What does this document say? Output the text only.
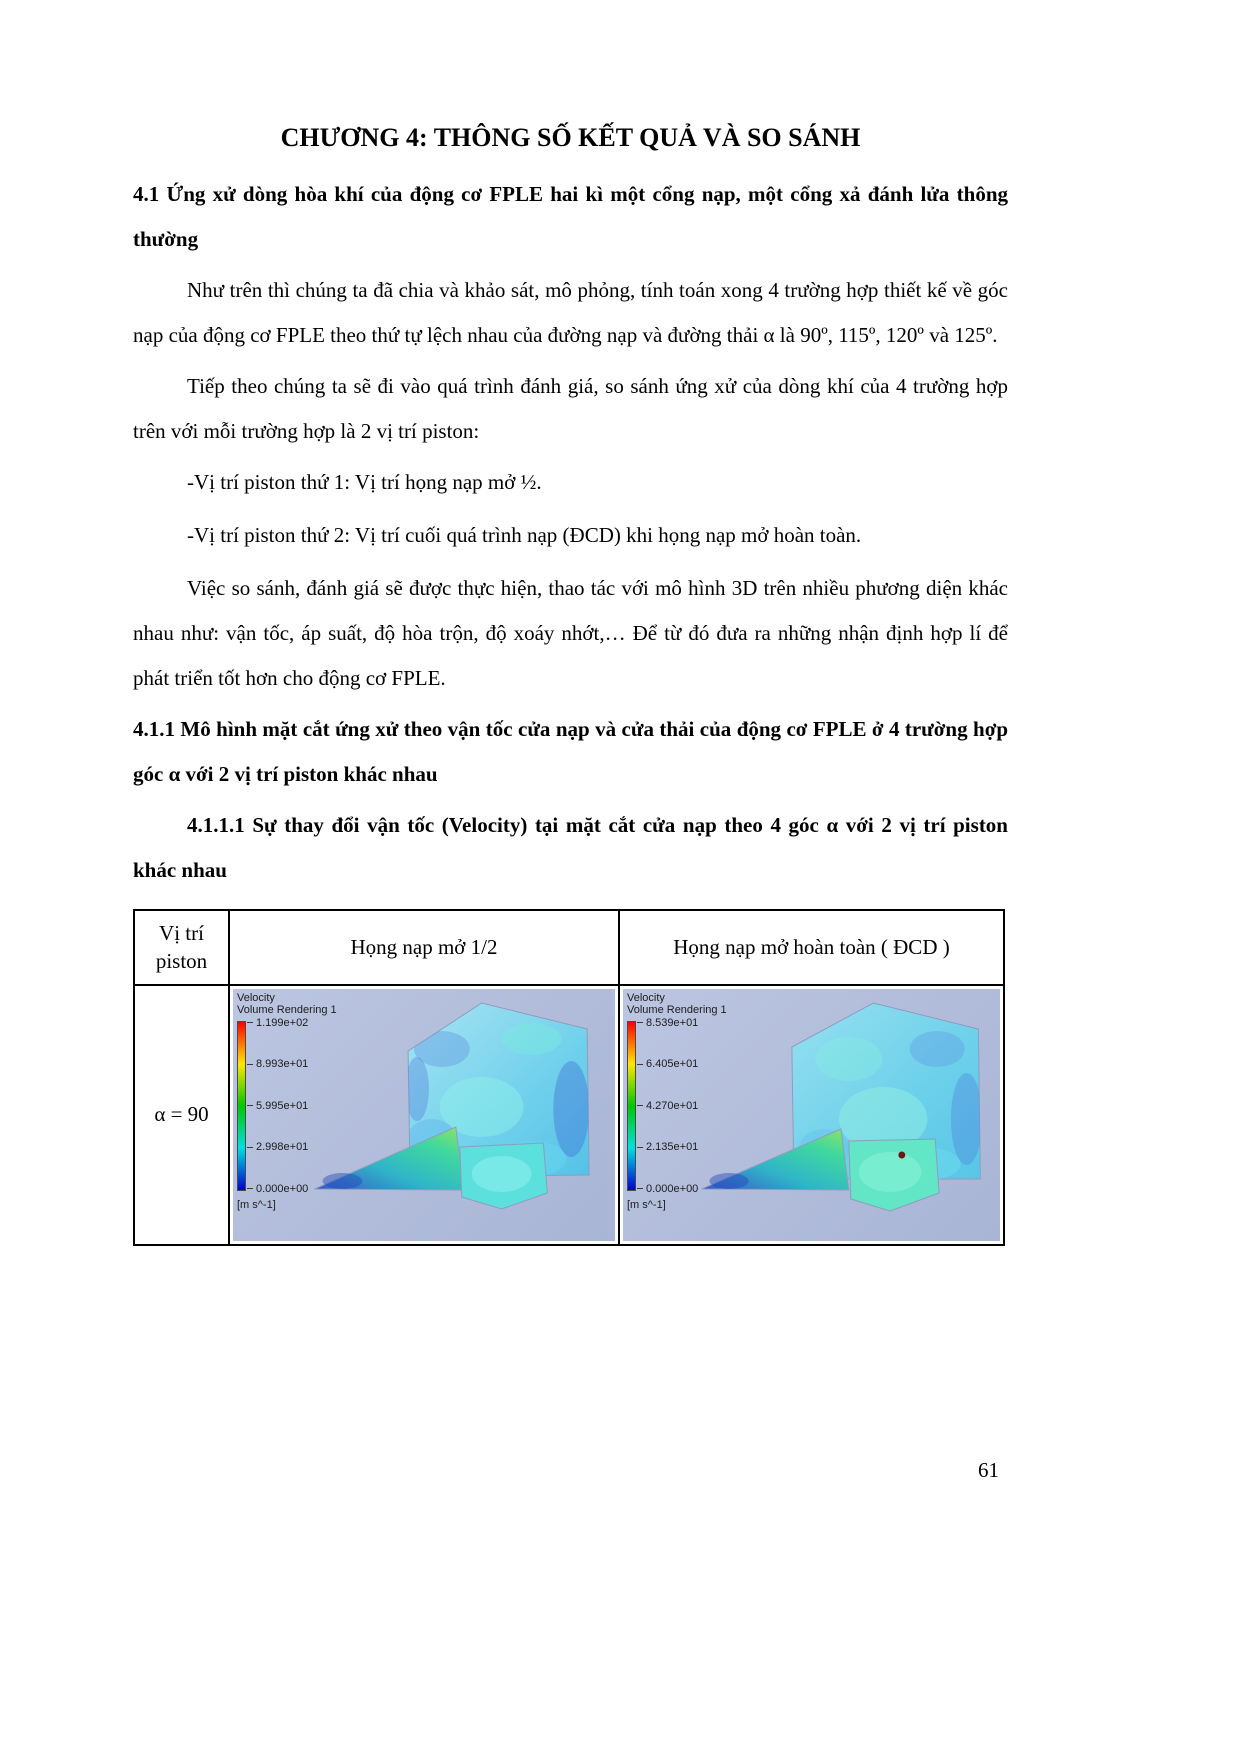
CHƯƠNG 4: THÔNG SỐ KẾT QUẢ VÀ SO SÁNH
4.1 Ứng xử dòng hòa khí của động cơ FPLE hai kì một cổng nạp, một cổng xả đánh lửa thông thường
Như trên thì chúng ta đã chia và khảo sát, mô phỏng, tính toán xong 4 trường hợp thiết kế về góc nạp của động cơ FPLE theo thứ tự lệch nhau của đường nạp và đường thải α là 90º, 115º, 120º và 125º.
Tiếp theo chúng ta sẽ đi vào quá trình đánh giá, so sánh ứng xử của dòng khí của 4 trường hợp trên với mỗi trường hợp là 2 vị trí piston:
-Vị trí piston thứ 1: Vị trí họng nạp mở ½.
-Vị trí piston thứ 2: Vị trí cuối quá trình nạp (ĐCD) khi họng nạp mở hoàn toàn.
Việc so sánh, đánh giá sẽ được thực hiện, thao tác với mô hình 3D trên nhiều phương diện khác nhau như: vận tốc, áp suất, độ hòa trộn, độ xoáy nhớt,… Để từ đó đưa ra những nhận định hợp lí để phát triển tốt hơn cho động cơ FPLE.
4.1.1 Mô hình mặt cắt ứng xử theo vận tốc cửa nạp và cửa thải của động cơ FPLE ở 4 trường hợp góc α với 2 vị trí piston khác nhau
4.1.1.1 Sự thay đổi vận tốc (Velocity) tại mặt cắt cửa nạp theo 4 góc α với 2 vị trí piston khác nhau
Vị trí piston	Họng nạp mở 1/2	Họng nạp mở hoàn toàn ( ĐCD )
α = 90	
Velocity
Volume Rendering 1
1.199e+02
8.993e+01
5.995e+01
2.998e+01
0.000e+00
[m s^-1]

Velocity
Volume Rendering 1
8.539e+01
6.405e+01
4.270e+01
2.135e+01
0.000e+00
[m s^-1]
61
